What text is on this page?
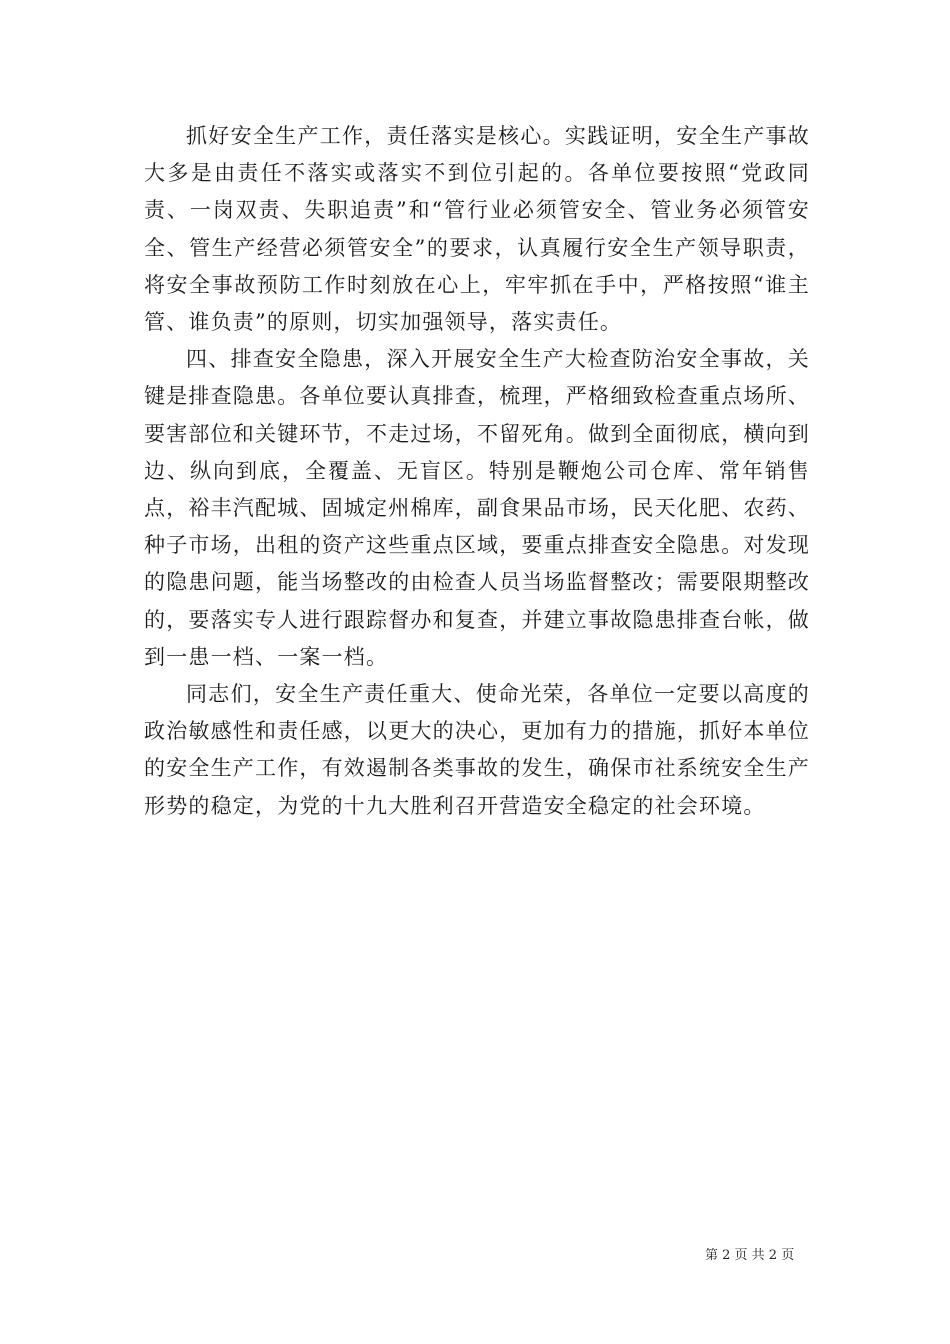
抓好安全生产工作，责任落实是核心。实践证明，安全生产事故大多是由责任不落实或落实不到位引起的。各单位要按照“党政同责、一岗双责、失职追责”和“管行业必须管安全、管业务必须管安全、管生产经营必须管安全”的要求，认真履行安全生产领导职责，将安全事故预防工作时刻放在心上，牢牢抓在手中，严格按照“谁主管、谁负责”的原则，切实加强领导，落实责任。

四、排查安全隐患，深入开展安全生产大检查防治安全事故，关键是排查隐患。各单位要认真排查，梳理，严格细致检查重点场所、要害部位和关键环节，不走过场，不留死角。做到全面彻底，横向到边、纵向到底，全覆盖、无盲区。特别是鞭炮公司仓库、常年销售点，裕丰汽配城、固城定州棉库，副食果品市场，民天化肥、农药、种子市场，出租的资产这些重点区域，要重点排查安全隐患。对发现的隐患问题，能当场整改的由检查人员当场监督整改；需要限期整改的，要落实专人进行跟踪督办和复查，并建立事故隐患排查台帐，做到一患一档、一案一档。

同志们，安全生产责任重大、使命光荣，各单位一定要以高度的政治敏感性和责任感，以更大的决心，更加有力的措施，抓好本单位的安全生产工作，有效遏制各类事故的发生，确保市社系统安全生产形势的稳定，为党的十九大胜利召开营造安全稳定的社会环境。

第 2 页 共 2 页
